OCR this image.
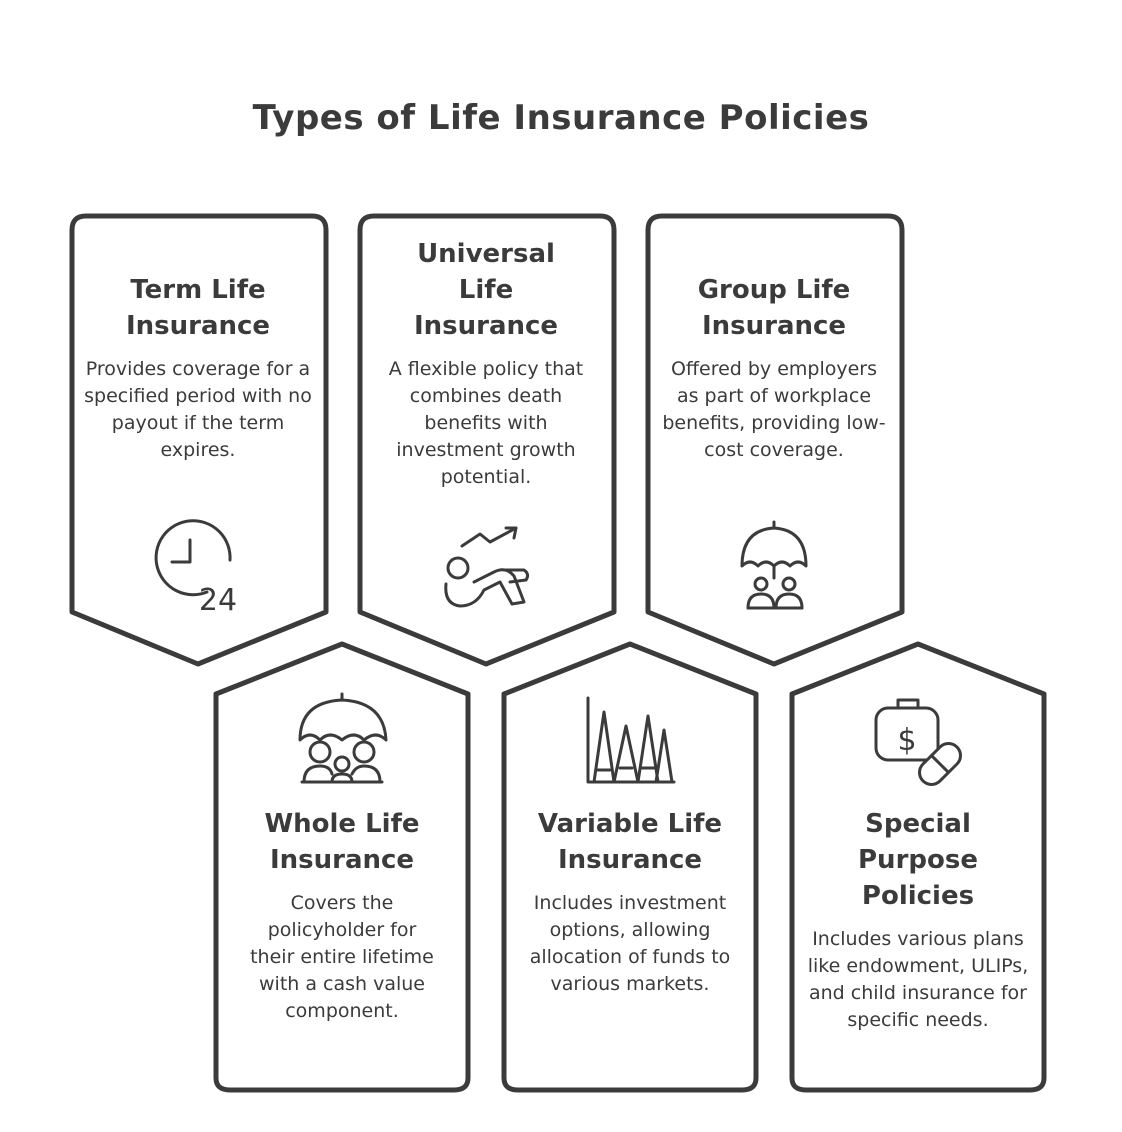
24
$
Types of Life Insurance Policies
Term Life Insurance
Provides coverage for a specified period with no payout if the term expires.
Universal Life Insurance
A flexible policy that combines death benefits with investment growth potential.
Group Life Insurance
Offered by employers as part of workplace benefits, providing low-cost coverage.
Whole Life Insurance
Covers the policyholder for their entire lifetime with a cash value component.
Variable Life Insurance
Includes investment options, allowing allocation of funds to various markets.
Special Purpose Policies
Includes various plans like endowment, ULIPs, and child insurance for specific needs.
